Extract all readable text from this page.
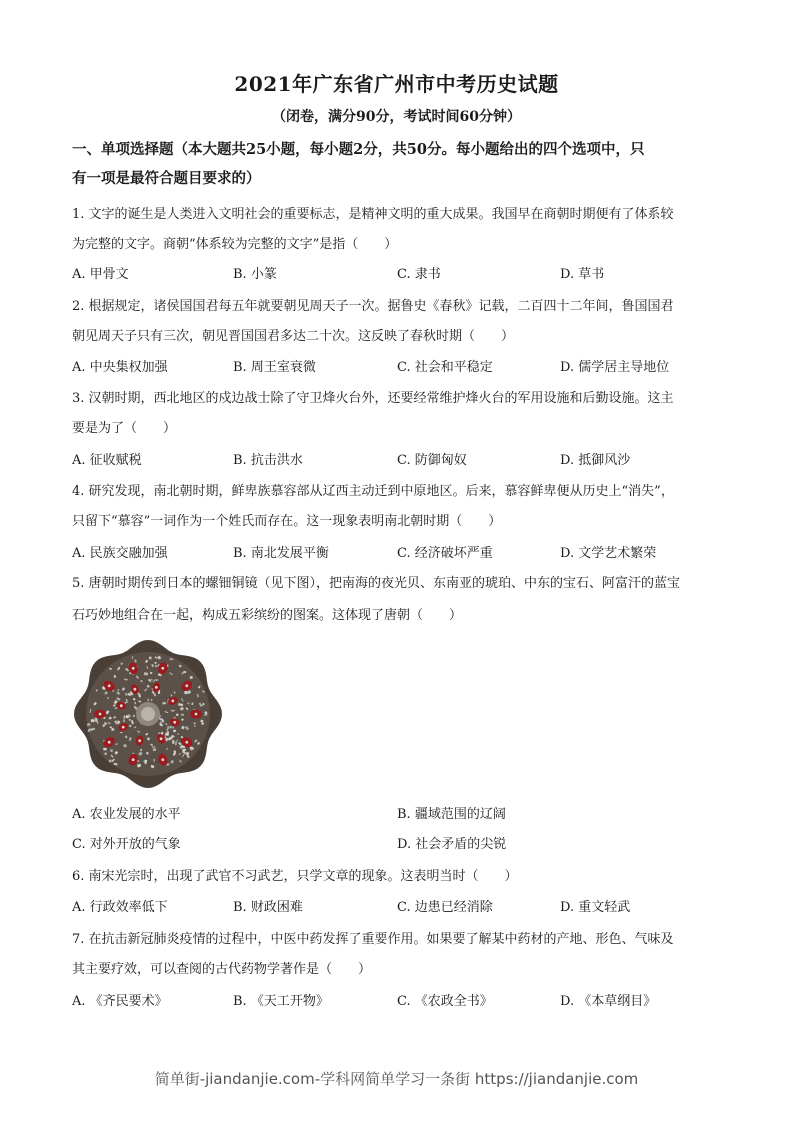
2021年广东省广州市中考历史试题
（闭卷，满分90分，考试时间60分钟）
一、单项选择题（本大题共25小题，每小题2分，共50分。每小题给出的四个选项中，只
有一项是最符合题目要求的）
1. 文字的诞生是人类进入文明社会的重要标志，是精神文明的重大成果。我国早在商朝时期便有了体系较
为完整的文字。商朝“体系较为完整的文字”是指（　　）
A. 甲骨文	B. 小篆	C. 隶书	D. 草书
2. 根据规定，诸侯国国君每五年就要朝见周天子一次。据鲁史《春秋》记载，二百四十二年间，鲁国国君
朝见周天子只有三次，朝见晋国国君多达二十次。这反映了春秋时期（　　）
A. 中央集权加强	B. 周王室衰微	C. 社会和平稳定	D. 儒学居主导地位
3. 汉朝时期，西北地区的戍边战士除了守卫烽火台外，还要经常维护烽火台的军用设施和后勤设施。这主
要是为了（　　）
A. 征收赋税	B. 抗击洪水	C. 防御匈奴	D. 抵御风沙
4. 研究发现，南北朝时期，鲜卑族慕容部从辽西主动迁到中原地区。后来，慕容鲜卑便从历史上“消失”，
只留下“慕容”一词作为一个姓氏而存在。这一现象表明南北朝时期（　　）
A. 民族交融加强	B. 南北发展平衡	C. 经济破坏严重	D. 文学艺术繁荣
5. 唐朝时期传到日本的螺钿铜镜（见下图），把南海的夜光贝、东南亚的琥珀、中东的宝石、阿富汗的蓝宝
石巧妙地组合在一起，构成五彩缤纷的图案。这体现了唐朝（　　）
A. 农业发展的水平	B. 疆域范围的辽阔
C. 对外开放的气象	D. 社会矛盾的尖锐
6. 南宋光宗时，出现了武官不习武艺，只学文章的现象。这表明当时（　　）
A. 行政效率低下	B. 财政困难	C. 边患已经消除	D. 重文轻武
7. 在抗击新冠肺炎疫情的过程中，中医中药发挥了重要作用。如果要了解某中药材的产地、形色、气味及
其主要疗效，可以查阅的古代药物学著作是（　　）
A. 《齐民要术》	B. 《天工开物》	C. 《农政全书》	D. 《本草纲目》
简单街-jiandanjie.com-学科网简单学习一条街 https://jiandanjie.com
